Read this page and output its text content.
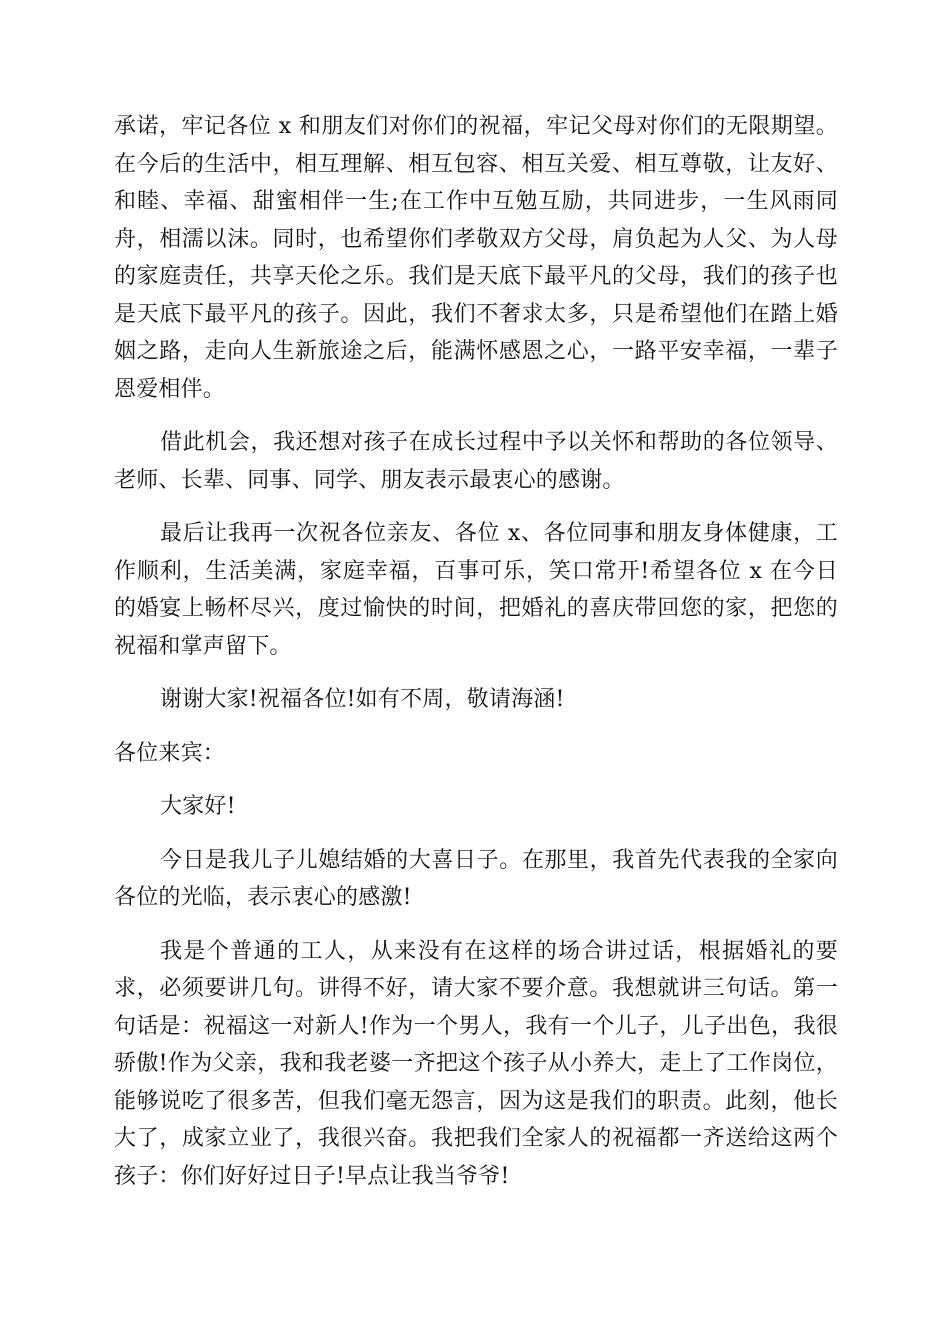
承诺，牢记各位 x 和朋友们对你们的祝福，牢记父母对你们的无限期望。在今后的生活中，相互理解、相互包容、相互关爱、相互尊敬，让友好、和睦、幸福、甜蜜相伴一生;在工作中互勉互励，共同进步，一生风雨同舟，相濡以沫。同时，也希望你们孝敬双方父母，肩负起为人父、为人母的家庭责任，共享天伦之乐。我们是天底下最平凡的父母，我们的孩子也是天底下最平凡的孩子。因此，我们不奢求太多，只是希望他们在踏上婚姻之路，走向人生新旅途之后，能满怀感恩之心，一路平安幸福，一辈子恩爱相伴。

借此机会，我还想对孩子在成长过程中予以关怀和帮助的各位领导、老师、长辈、同事、同学、朋友表示最衷心的感谢。

最后让我再一次祝各位亲友、各位 x、各位同事和朋友身体健康，工作顺利，生活美满，家庭幸福，百事可乐，笑口常开!希望各位 x 在今日的婚宴上畅杯尽兴，度过愉快的时间，把婚礼的喜庆带回您的家，把您的祝福和掌声留下。

谢谢大家!祝福各位!如有不周，敬请海涵!

各位来宾：

大家好!

今日是我儿子儿媳结婚的大喜日子。在那里，我首先代表我的全家向各位的光临，表示衷心的感激!

我是个普通的工人，从来没有在这样的场合讲过话，根据婚礼的要求，必须要讲几句。讲得不好，请大家不要介意。我想就讲三句话。第一句话是：祝福这一对新人!作为一个男人，我有一个儿子，儿子出色，我很骄傲!作为父亲，我和我老婆一齐把这个孩子从小养大，走上了工作岗位，能够说吃了很多苦，但我们毫无怨言，因为这是我们的职责。此刻，他长大了，成家立业了，我很兴奋。我把我们全家人的祝福都一齐送给这两个孩子：你们好好过日子!早点让我当爷爷!
